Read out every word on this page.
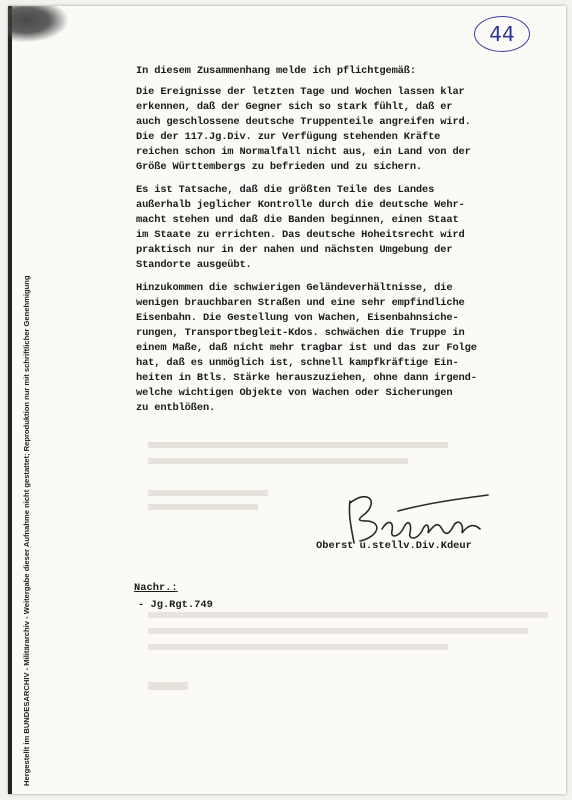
Hergestellt im BUNDESARCHIV - Militärarchiv - Weitergabe dieser Aufnahme nicht gestattet; Reproduktion nur mit schriftlicher Genehmigung
44

In diesem Zusammenhang melde ich pflichtgemäß:

Die Ereignisse der letzten Tage und Wochen lassen klar

erkennen, daß der Gegner sich so stark fühlt, daß er

auch geschlossene deutsche Truppenteile angreifen wird.

Die der 117.Jg.Div. zur Verfügung stehenden Kräfte

reichen schon im Normalfall nicht aus, ein Land von der

Größe Württembergs zu befrieden und zu sichern.

Es ist Tatsache, daß die größten Teile des Landes

außerhalb jeglicher Kontrolle durch die deutsche Wehr-

macht stehen und daß die Banden beginnen, einen Staat

im Staate zu errichten. Das deutsche Hoheitsrecht wird

praktisch nur in der nahen und nächsten Umgebung der

Standorte ausgeübt.

Hinzukommen die schwierigen Geländeverhältnisse, die

wenigen brauchbaren Straßen und eine sehr empfindliche

Eisenbahn. Die Gestellung von Wachen, Eisenbahnsiche-

rungen, Transportbegleit-Kdos. schwächen die Truppe in

einem Maße, daß nicht mehr tragbar ist und das zur Folge

hat, daß es unmöglich ist, schnell kampfkräftige Ein-

heiten in Btls. Stärke herauszuziehen, ohne dann irgend-

welche wichtigen Objekte von Wachen oder Sicherungen

zu entblößen.

Oberst u.stellv.Div.Kdeur
Nachr.:
- Jg.Rgt.749
